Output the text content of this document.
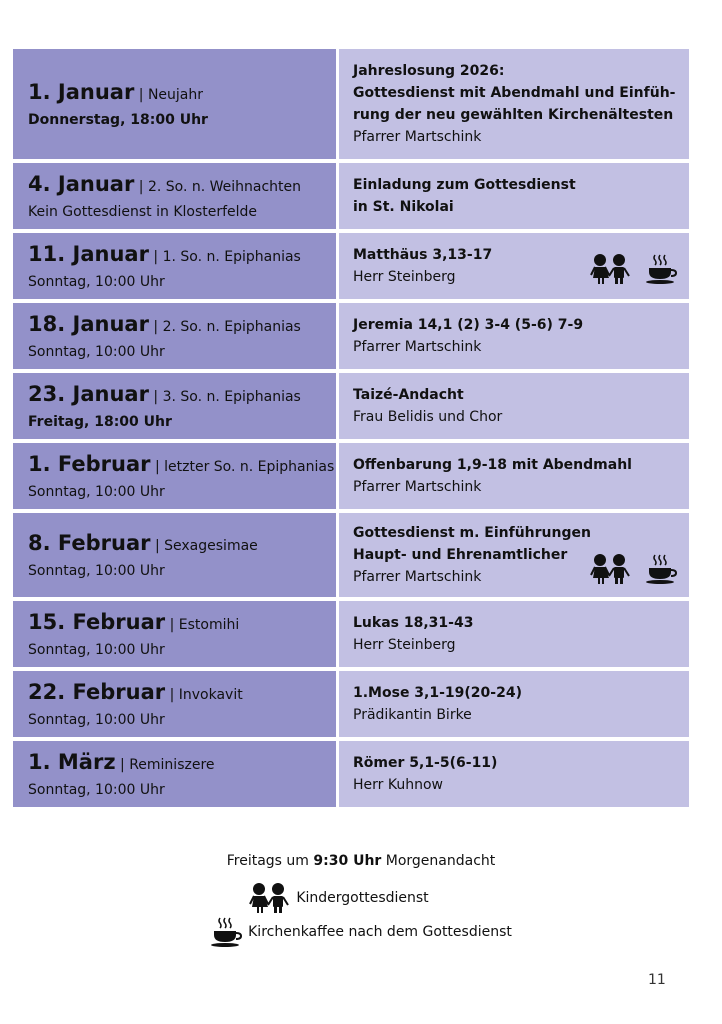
1. Januar | Neujahr
Donnerstag, 18:00 Uhr
Jahreslosung 2026:
Gottesdienst mit Abendmahl und Einfüh-
rung der neu gewählten Kirchenältesten
Pfarrer Martschink
4. Januar | 2. So. n. Weihnachten
Kein Gottesdienst in Klosterfelde
Einladung zum Gottesdienst
in St. Nikolai
11. Januar | 1. So. n. Epiphanias
Sonntag, 10:00 Uhr
Matthäus 3,13-17
Herr Steinberg
18. Januar | 2. So. n. Epiphanias
Sonntag, 10:00 Uhr
Jeremia 14,1 (2) 3-4 (5-6) 7-9
Pfarrer Martschink
23. Januar | 3. So. n. Epiphanias
Freitag, 18:00 Uhr
Taizé-Andacht
Frau Belidis und Chor
1. Februar | letzter So. n. Epiphanias
Sonntag, 10:00 Uhr
Offenbarung 1,9-18 mit Abendmahl
Pfarrer Martschink
8. Februar | Sexagesimae
Sonntag, 10:00 Uhr
Gottesdienst m. Einführungen
Haupt- und Ehrenamtlicher
Pfarrer Martschink
15. Februar | Estomihi
Sonntag, 10:00 Uhr
Lukas 18,31-43
Herr Steinberg
22. Februar | Invokavit
Sonntag, 10:00 Uhr
1.Mose 3,1-19(20-24)
Prädikantin Birke
1. März | Reminiszere
Sonntag, 10:00 Uhr
Römer 5,1-5(6-11)
Herr Kuhnow
Freitags um 9:30 Uhr Morgenandacht
Kindergottesdienst
Kirchenkaffee nach dem Gottesdienst
11
